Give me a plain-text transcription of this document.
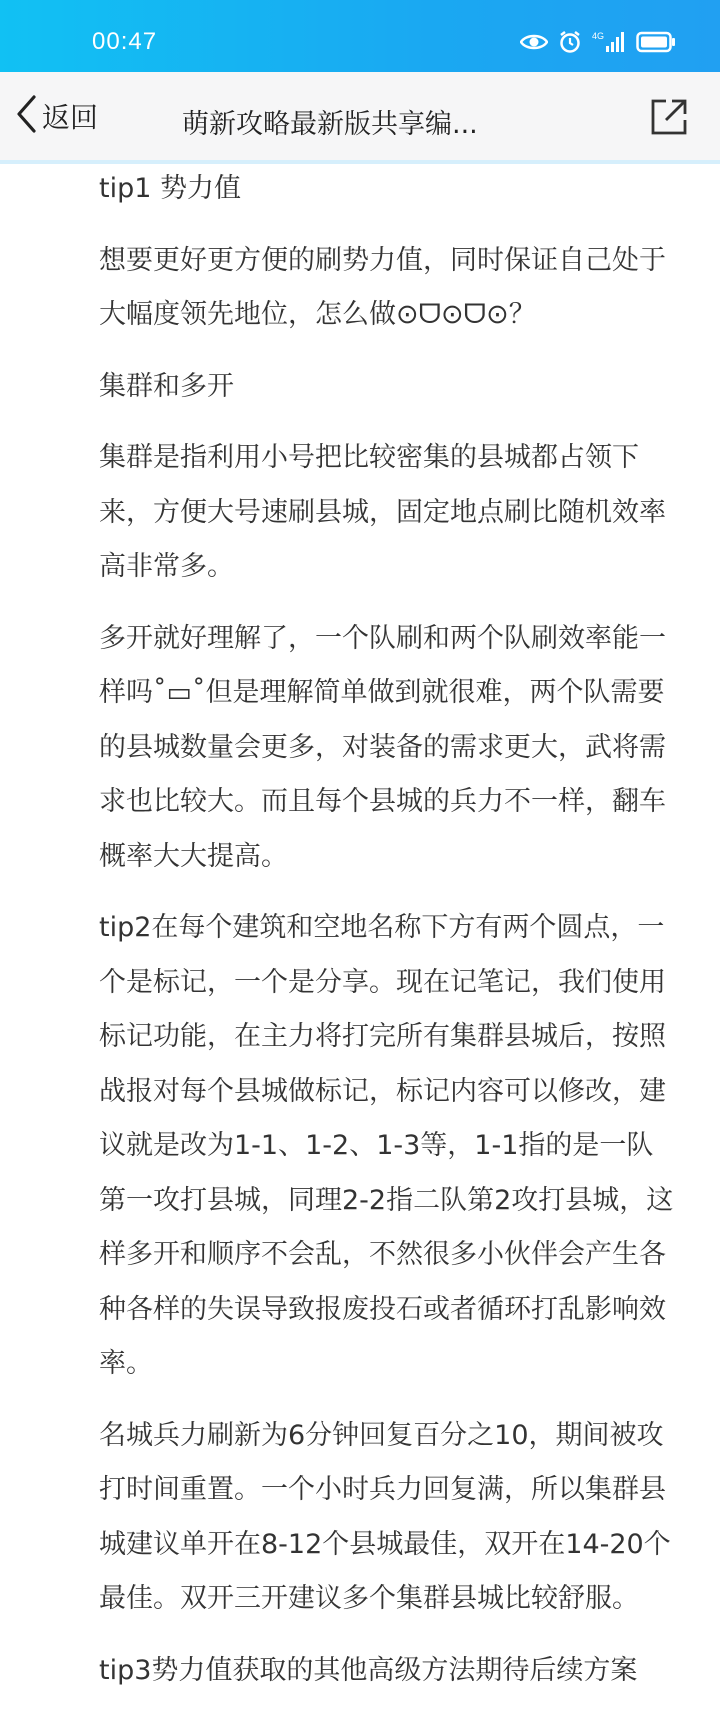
00:47	4G
返回	萌新攻略最新版共享编...

tip1 势力值

想要更好更方便的刷势力值，同时保证自己处于大幅度领先地位，怎么做⊙ᗜ⊙ᗜ⊙？

集群和多开

集群是指利用小号把比较密集的县城都占领下来，方便大号速刷县城，固定地点刷比随机效率高非常多。

多开就好理解了，一个队刷和两个队刷效率能一样吗˚▭˚但是理解简单做到就很难，两个队需要的县城数量会更多，对装备的需求更大，武将需求也比较大。而且每个县城的兵力不一样，翻车概率大大提高。

tip2在每个建筑和空地名称下方有两个圆点，一个是标记，一个是分享。现在记笔记，我们使用标记功能，在主力将打完所有集群县城后，按照战报对每个县城做标记，标记内容可以修改，建议就是改为1-1、1-2、1-3等，1-1指的是一队第一攻打县城，同理2-2指二队第2攻打县城，这样多开和顺序不会乱，不然很多小伙伴会产生各种各样的失误导致报废投石或者循环打乱影响效率。

名城兵力刷新为6分钟回复百分之10，期间被攻打时间重置。一个小时兵力回复满，所以集群县城建议单开在8-12个县城最佳，双开在14-20个最佳。双开三开建议多个集群县城比较舒服。

tip3势力值获取的其他高级方法期待后续方案
